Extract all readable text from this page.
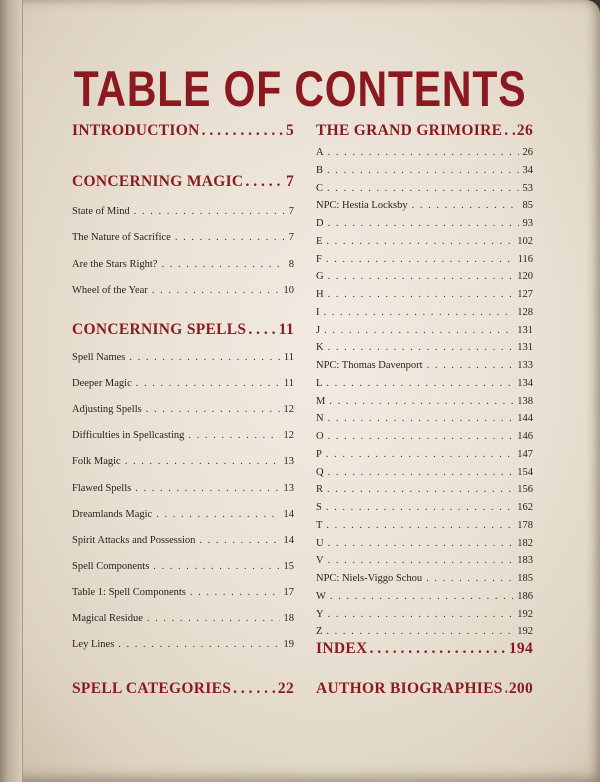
TABLE OF CONTENTS
INTRODUCTION . . .	5
CONCERNING MAGIC . . .	7
State of Mind . . .	7
The Nature of Sacrifice . . .	7
Are the Stars Right? . . .	8
Wheel of the Year . . .	10
CONCERNING SPELLS . . . 11
Spell Names . . .	11
Deeper Magic . . .	11
Adjusting Spells . . .	12
Difficulties in Spellcasting . . .	12
Folk Magic . . .	13
Flawed Spells . . .	13
Dreamlands Magic . . .	14
Spirit Attacks and Possession . . .	14
Spell Components . . .	15
Table 1: Spell Components . . .	17
Magical Residue . . .	18
Ley Lines . . .	19
SPELL CATEGORIES . . .	22
THE GRAND GRIMOIRE . . . 26
A . . .	26
B . . .	34
C . . .	53
NPC: Hestia Locksby . . .	85
D . . .	93
E . . .	102
F . . .	116
G . . .	120
H . . .	127
I . . .	128
J . . .	131
K . . .	131
NPC: Thomas Davenport . . .	133
L . . .	134
M . . .	138
N . . .	144
O . . .	146
P . . .	147
Q . . .	154
R . . .	156
S . . .	162
T . . .	178
U . . .	182
V . . .	183
NPC: Niels-Viggo Schou . . .	185
W . . .	186
Y . . .	192
Z . . .	192
INDEX . . .	194
AUTHOR BIOGRAPHIES . . . 200
